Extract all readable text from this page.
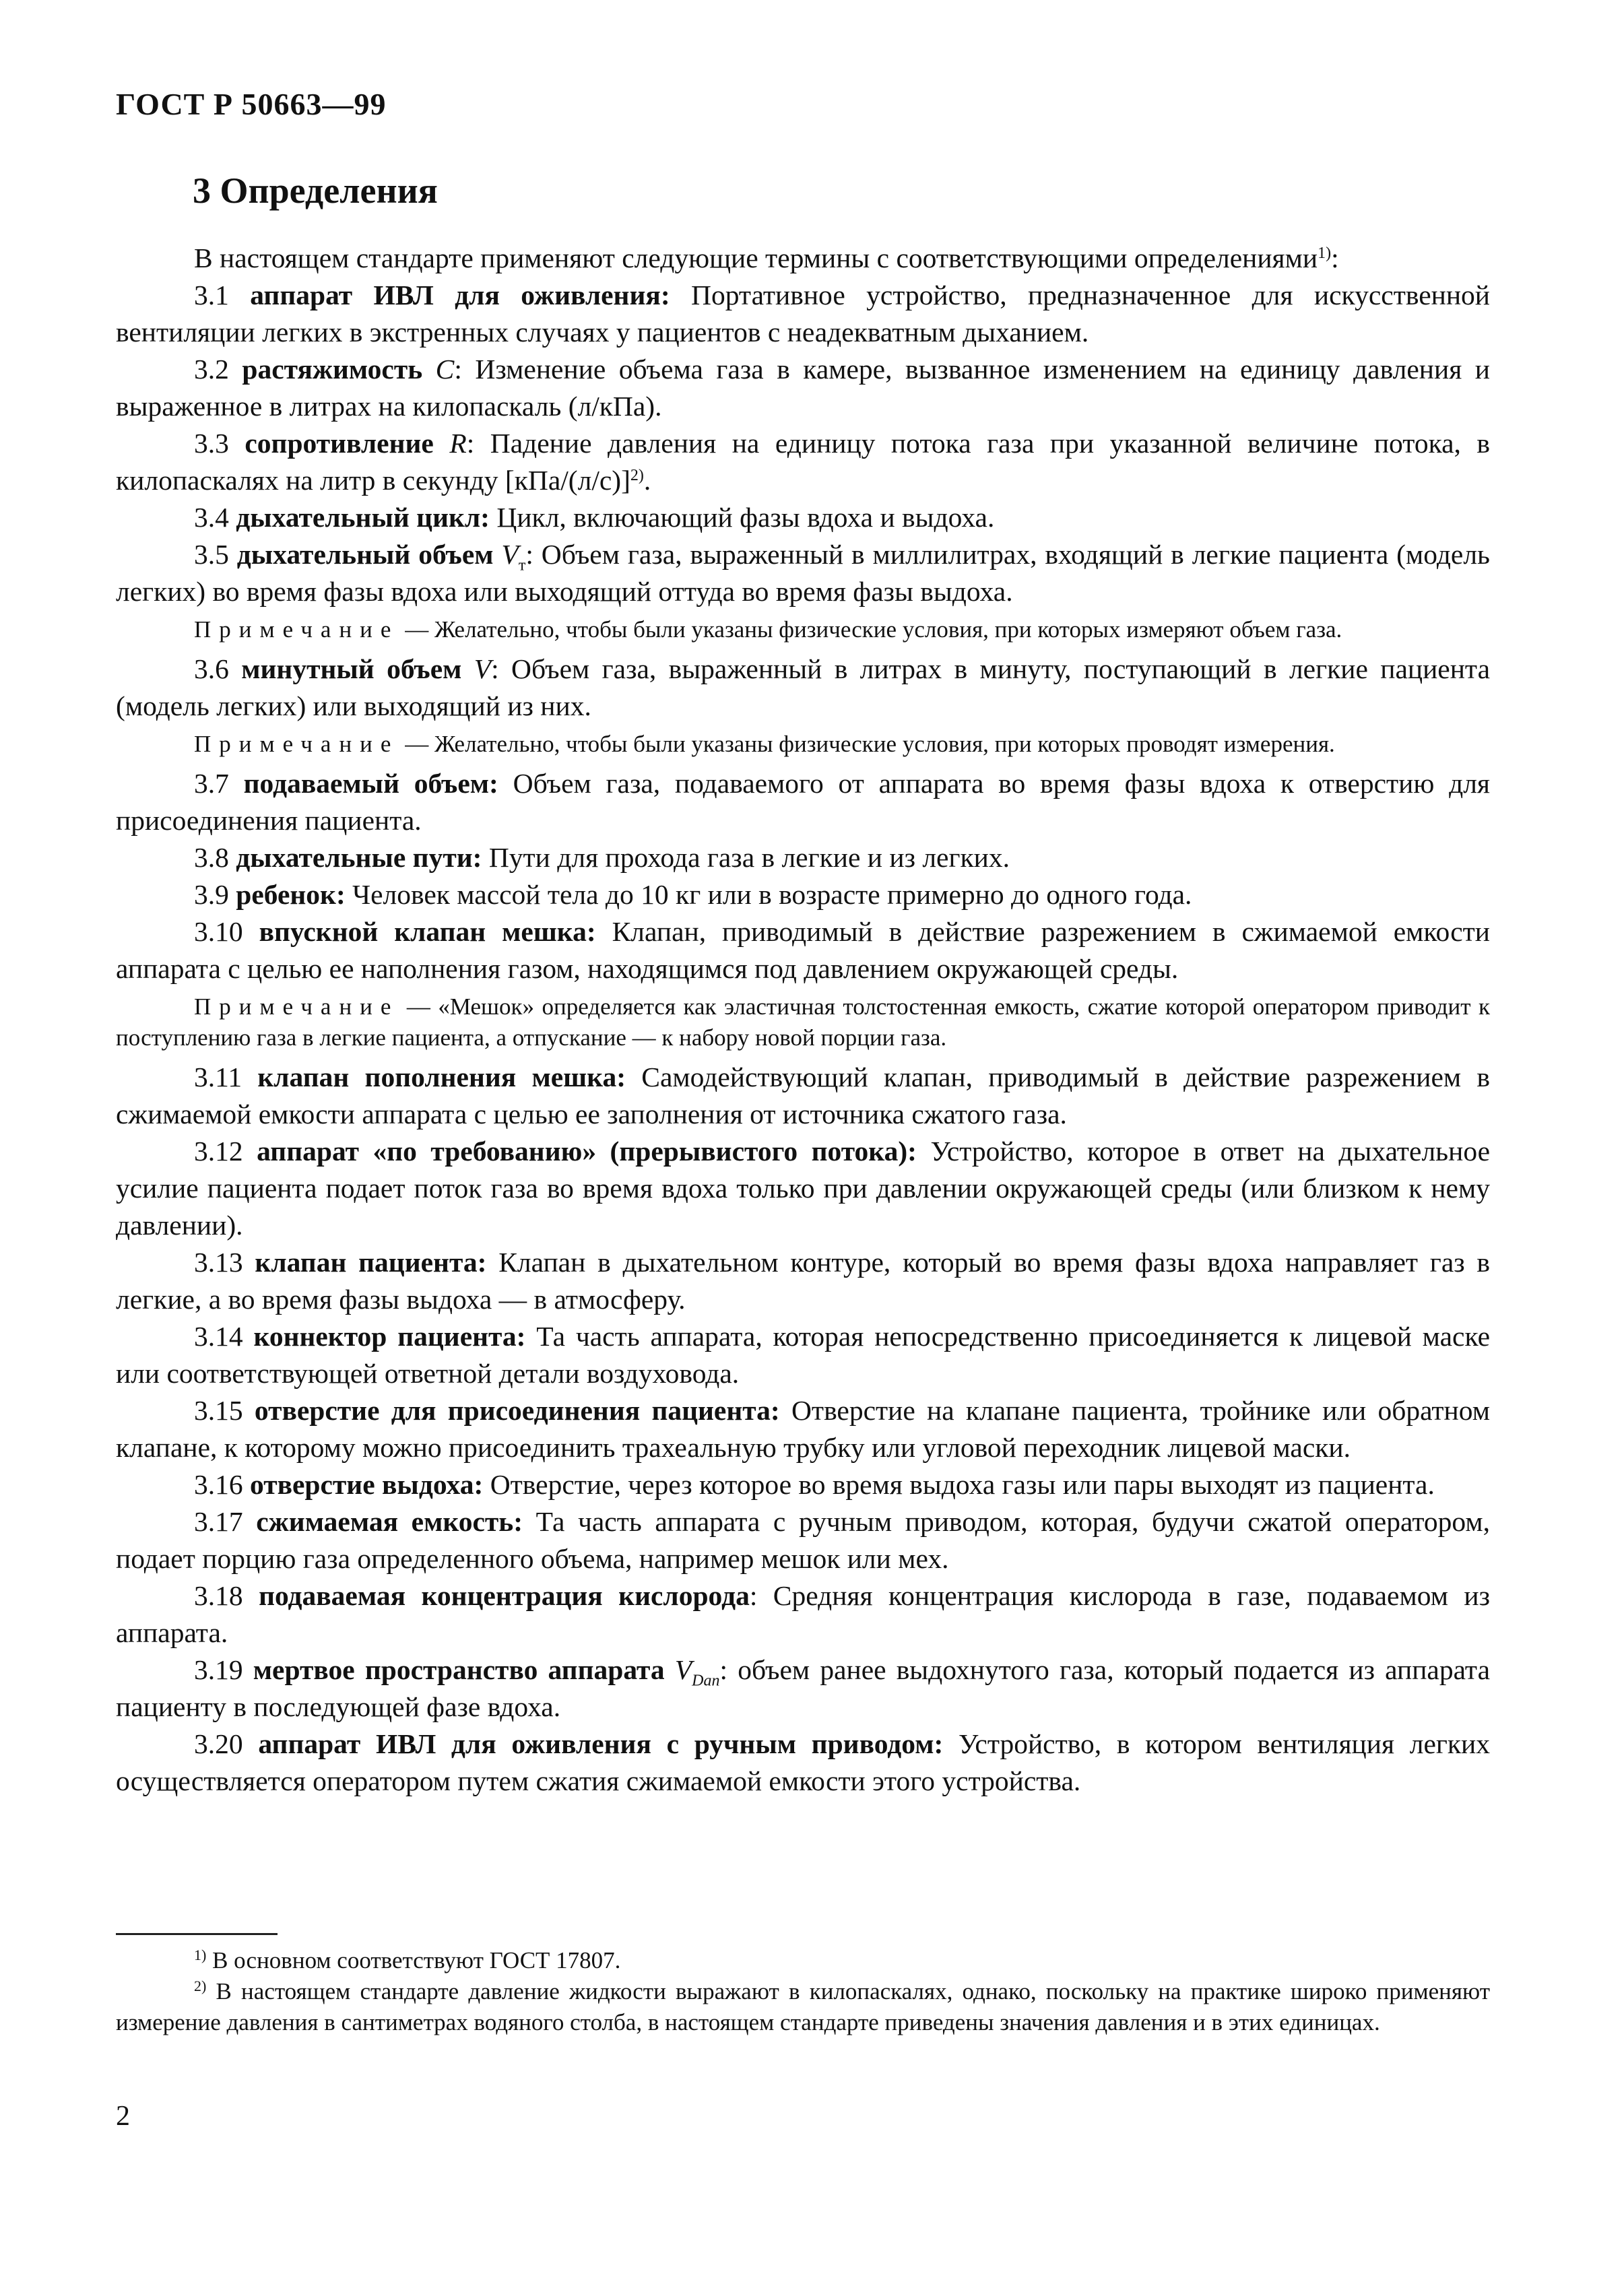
ГОСТ Р 50663—99
3 Определения

В настоящем стандарте применяют следующие термины с соответствующими определениями$^{1)}$:

3.1 аппарат ИВЛ для оживления: Портативное устройство, предназначенное для искусственной вентиляции легких в экстренных случаях у пациентов с неадекватным дыханием.

3.2 растяжимость C: Изменение объема газа в камере, вызванное изменением на единицу давления и выраженное в литрах на килопаскаль (л/кПа).

3.3 сопротивление R: Падение давления на единицу потока газа при указанной величине потока, в килопаскалях на литр в секунду $[кПа/(л/с)]^{2)}$.

3.4 дыхательный цикл: Цикл, включающий фазы вдоха и выдоха.

3.5 дыхательный объем $V_т$: Объем газа, выраженный в миллилитрах, входящий в легкие пациента (модель легких) во время фазы вдоха или выходящий оттуда во время фазы выдоха.

Примечание — Желательно, чтобы были указаны физические условия, при которых измеряют объем газа.

3.6 минутный объем V: Объем газа, выраженный в литрах в минуту, поступающий в легкие пациента (модель легких) или выходящий из них.

Примечание — Желательно, чтобы были указаны физические условия, при которых проводят измерения.

3.7 подаваемый объем: Объем газа, подаваемого от аппарата во время фазы вдоха к отверстию для присоединения пациента.

3.8 дыхательные пути: Пути для прохода газа в легкие и из легких.

3.9 ребенок: Человек массой тела до 10 кг или в возрасте примерно до одного года.

3.10 впускной клапан мешка: Клапан, приводимый в действие разрежением в сжимаемой емкости аппарата с целью ее наполнения газом, находящимся под давлением окружающей среды.

Примечание — «Мешок» определяется как эластичная толстостенная емкость, сжатие которой оператором приводит к поступлению газа в легкие пациента, а отпускание — к набору новой порции газа.

3.11 клапан пополнения мешка: Самодействующий клапан, приводимый в действие разрежением в сжимаемой емкости аппарата с целью ее заполнения от источника сжатого газа.

3.12 аппарат «по требованию» (прерывистого потока): Устройство, которое в ответ на дыхательное усилие пациента подает поток газа во время вдоха только при давлении окружающей среды (или близком к нему давлении).

3.13 клапан пациента: Клапан в дыхательном контуре, который во время фазы вдоха направляет газ в легкие, а во время фазы выдоха — в атмосферу.

3.14 коннектор пациента: Та часть аппарата, которая непосредственно присоединяется к лицевой маске или соответствующей ответной детали воздуховода.

3.15 отверстие для присоединения пациента: Отверстие на клапане пациента, тройнике или обратном клапане, к которому можно присоединить трахеальную трубку или угловой переходник лицевой маски.

3.16 отверстие выдоха: Отверстие, через которое во время выдоха газы или пары выходят из пациента.

3.17 сжимаемая емкость: Та часть аппарата с ручным приводом, которая, будучи сжатой оператором, подает порцию газа определенного объема, например мешок или мех.

3.18 подаваемая концентрация кислорода: Средняя концентрация кислорода в газе, подаваемом из аппарата.

3.19 мертвое пространство аппарата $V_{Dап}$: объем ранее выдохнутого газа, который подается из аппарата пациенту в последующей фазе вдоха.

3.20 аппарат ИВЛ для оживления с ручным приводом: Устройство, в котором вентиляция легких осуществляется оператором путем сжатия сжимаемой емкости этого устройства.

$^{1)}$ В основном соответствуют ГОСТ 17807.

$^{2)}$ В настоящем стандарте давление жидкости выражают в килопаскалях, однако, поскольку на практике широко применяют измерение давления в сантиметрах водяного столба, в настоящем стандарте приведены значения давления и в этих единицах.

2
